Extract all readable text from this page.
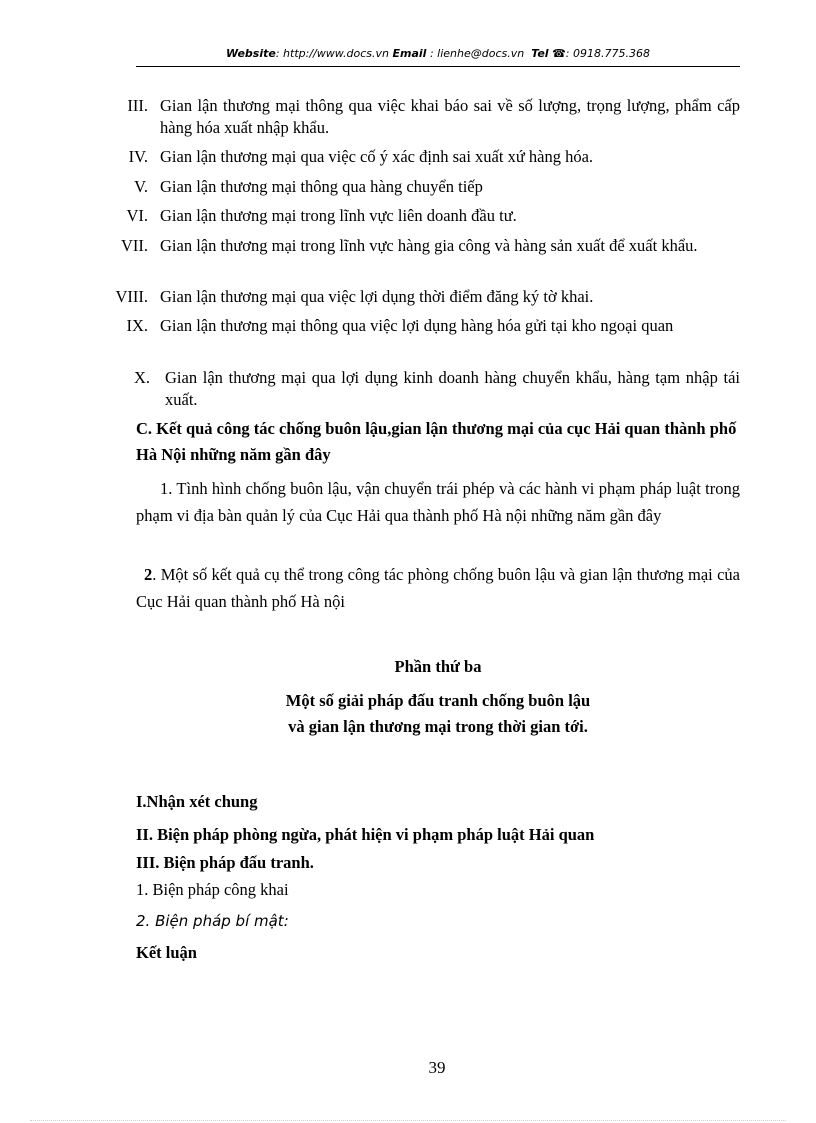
Website: http://www.docs.vn Email : lienhe@docs.vn Tel ☎: 0918.775.368
III. Gian lận thương mại thông qua việc khai báo sai về số lượng, trọng lượng, phẩm cấp hàng hóa xuất nhập khẩu.
IV. Gian lận thương mại qua việc cố ý xác định sai xuất xứ hàng hóa.
V. Gian lận thương mại thông qua hàng chuyển tiếp
VI. Gian lận thương mại trong lĩnh vực liên doanh đầu tư.
VII. Gian lận thương mại trong lĩnh vực hàng gia công và hàng sản xuất để xuất khẩu.
VIII. Gian lận thương mại qua việc lợi dụng thời điểm đăng ký tờ khai.
IX. Gian lận thương mại thông qua việc lợi dụng hàng hóa gửi tại kho ngoại quan
X. Gian lận thương mại qua lợi dụng kinh doanh hàng chuyển khẩu, hàng tạm nhập tái xuất.
C. Kết quả công tác chống buôn lậu,gian lận thương mại của cục Hải quan thành phố Hà Nội những năm gần đây
1. Tình hình chống buôn lậu, vận chuyển trái phép và các hành vi phạm pháp luật trong phạm vi địa bàn quản lý của Cục Hải qua thành phố Hà nội những năm gần đây
2. Một số kết quả cụ thể trong công tác phòng chống buôn lậu và gian lận thương mại của Cục Hải quan thành phố Hà nội
Phần thứ ba
Một số giải pháp đấu tranh chống buôn lậu
và gian lận thương mại trong thời gian tới.
I.Nhận xét chung
II. Biện pháp phòng ngừa, phát hiện vi phạm pháp luật Hải quan
III. Biện pháp đấu tranh.
1. Biện pháp công khai
2. Biện pháp bí mật:
Kết luận
39
